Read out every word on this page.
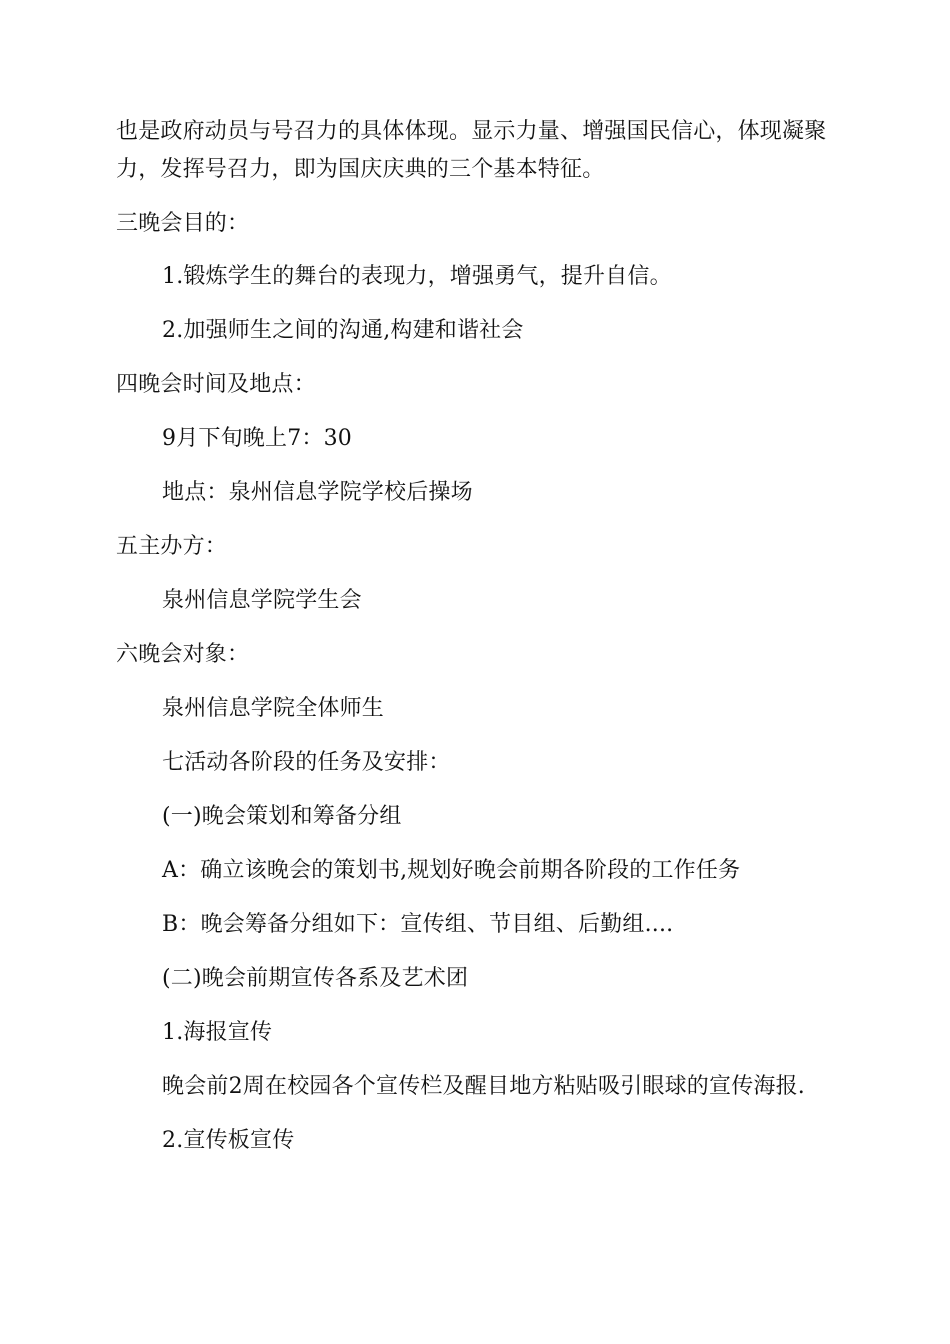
也是政府动员与号召力的具体体现。显示力量、增强国民信心，体现凝聚
力，发挥号召力，即为国庆庆典的三个基本特征。
三晚会目的：
1.锻炼学生的舞台的表现力，增强勇气，提升自信。
2.加强师生之间的沟通,构建和谐社会
四晚会时间及地点：
9月下旬晚上7：30
地点：泉州信息学院学校后操场
五主办方：
泉州信息学院学生会
六晚会对象：
泉州信息学院全体师生
七活动各阶段的任务及安排：
(一)晚会策划和筹备分组
A：确立该晚会的策划书,规划好晚会前期各阶段的工作任务
B：晚会筹备分组如下：宣传组、节目组、后勤组....
(二)晚会前期宣传各系及艺术团
1.海报宣传
晚会前2周在校园各个宣传栏及醒目地方粘贴吸引眼球的宣传海报.
2.宣传板宣传
